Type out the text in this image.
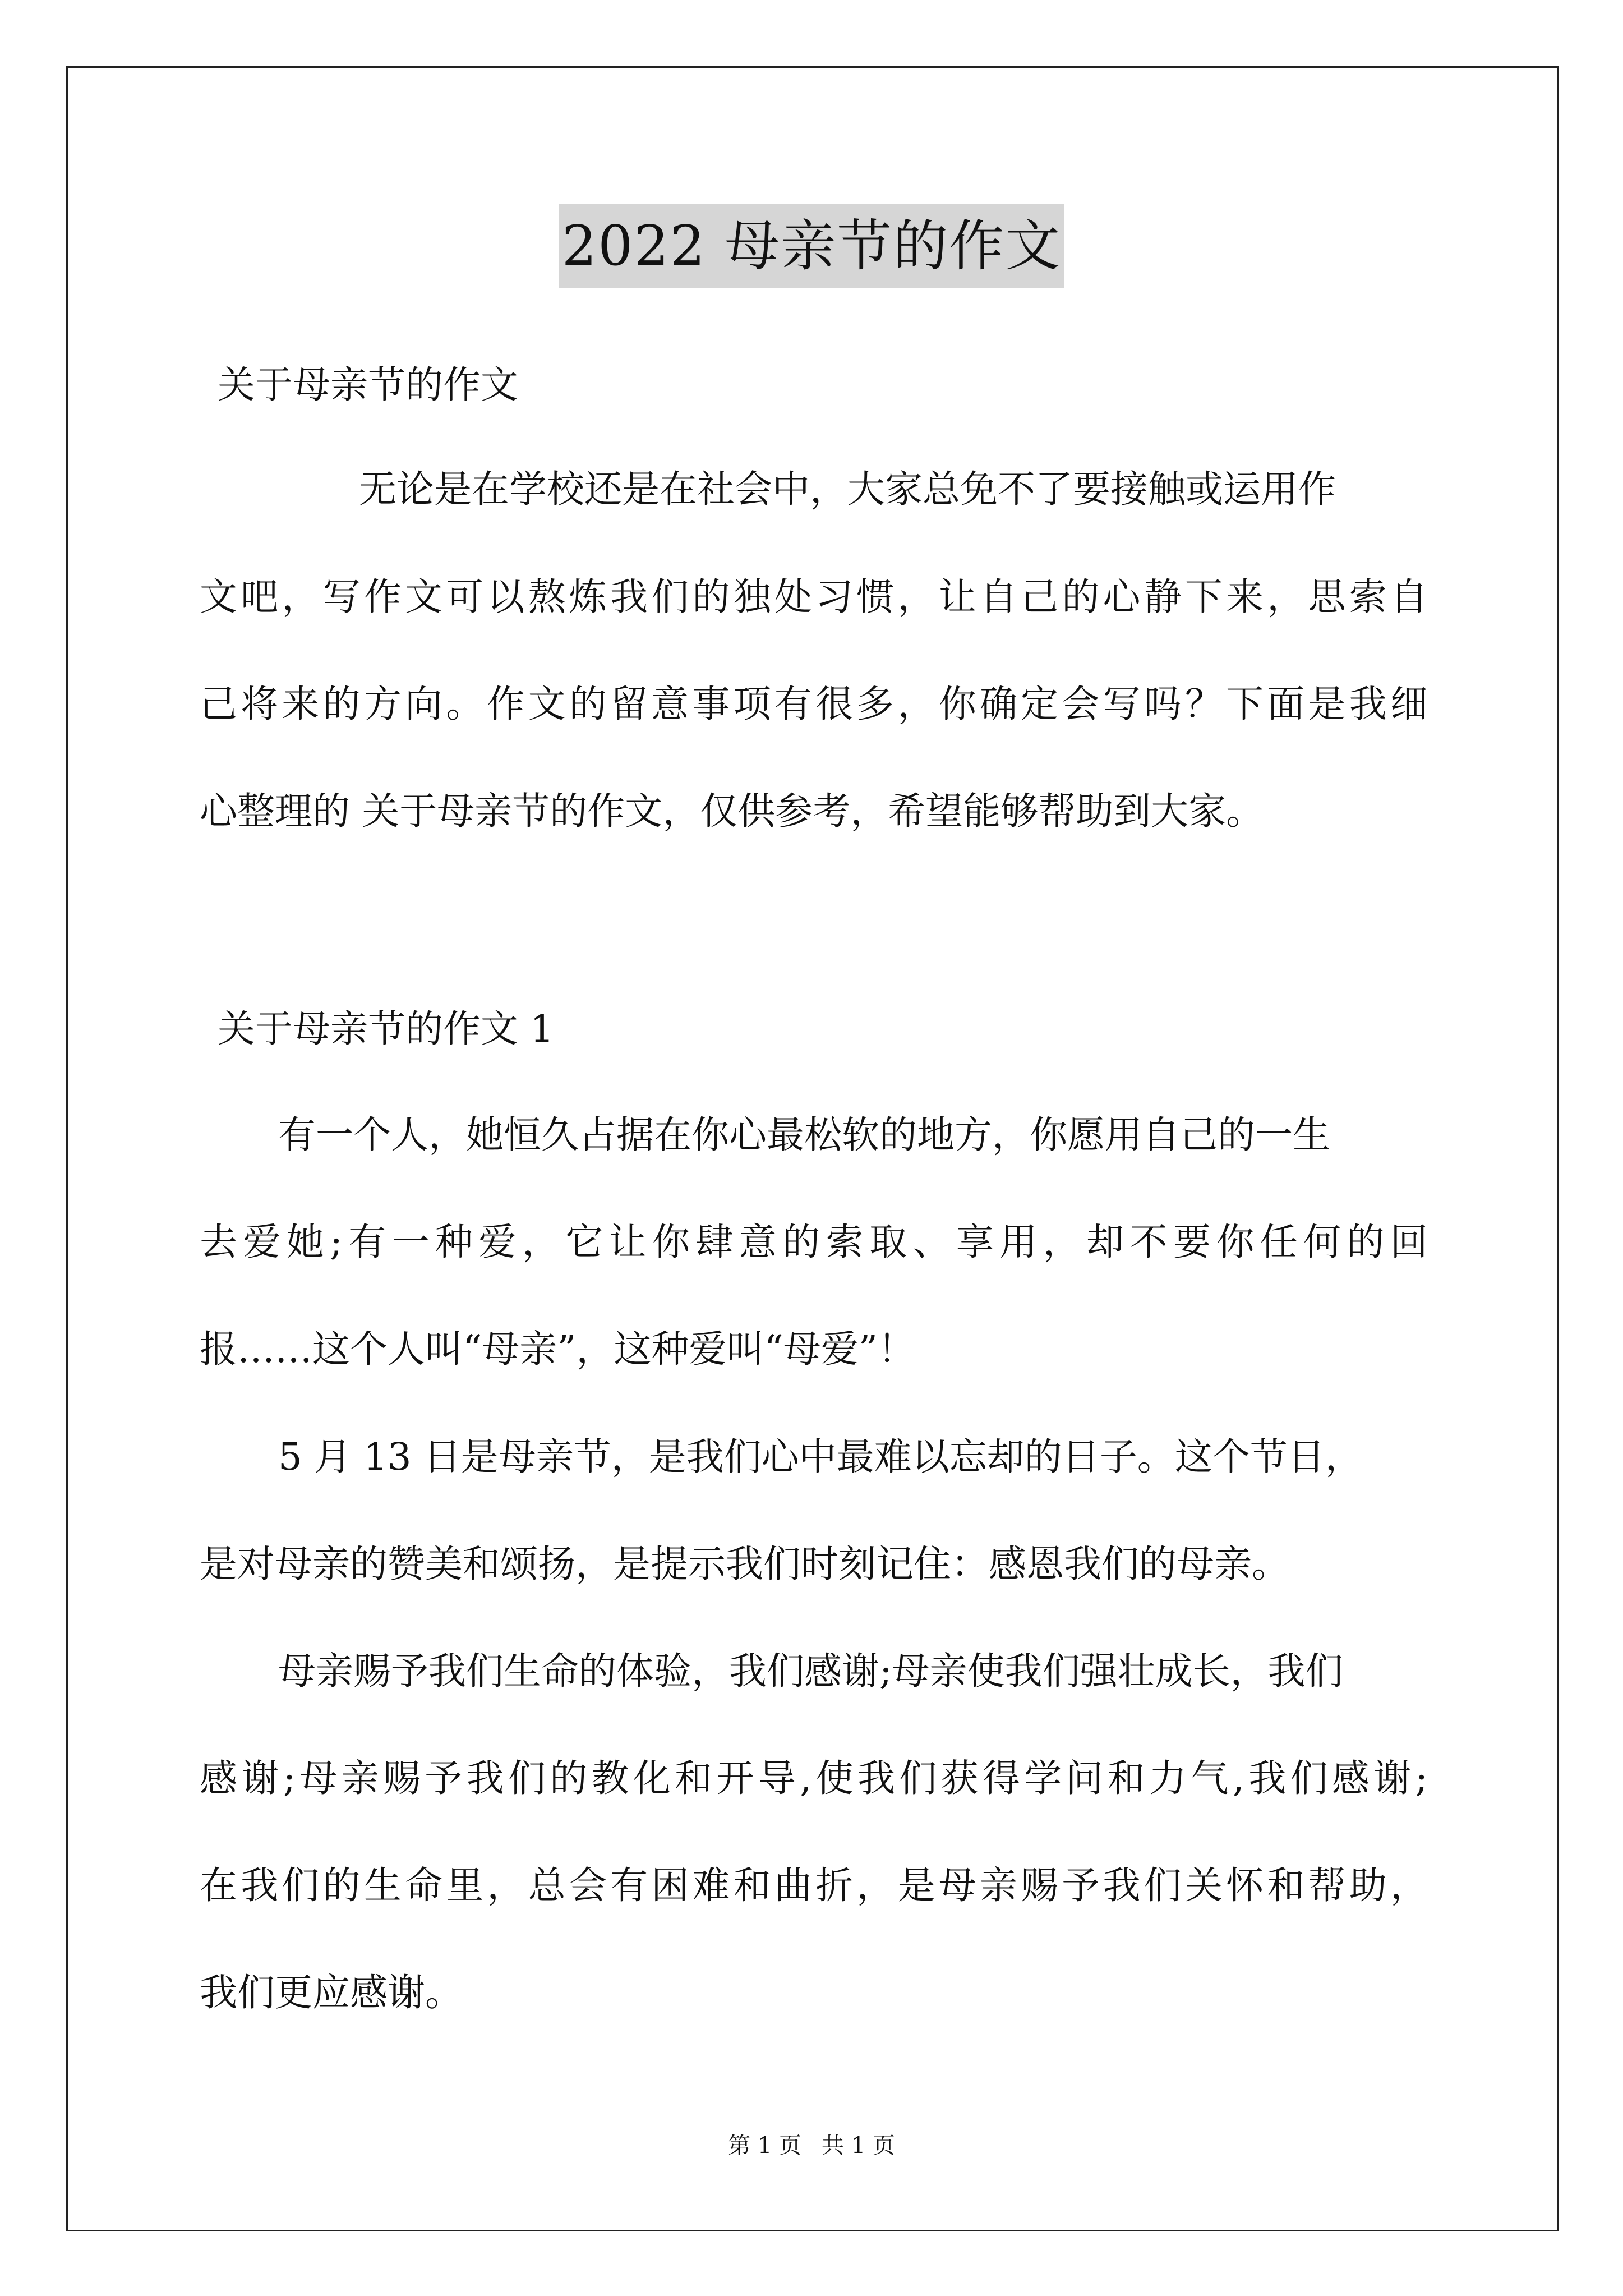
2022 母亲节的作文
关于母亲节的作文
无论是在学校还是在社会中，大家总免不了要接触或运用作
文吧，写作文可以熬炼我们的独处习惯，让自己的心静下来，思索自
己将来的方向。作文的留意事项有很多，你确定会写吗？下面是我细
心整理的 关于母亲节的作文，仅供参考，希望能够帮助到大家。
关于母亲节的作文 1
有一个人，她恒久占据在你心最松软的地方，你愿用自己的一生
去爱她;有一种爱，它让你肆意的索取、享用，却不要你任何的回
报……这个人叫“母亲”，这种爱叫“母爱”！
5 月 13 日是母亲节，是我们心中最难以忘却的日子。这个节日，
是对母亲的赞美和颂扬，是提示我们时刻记住：感恩我们的母亲。
母亲赐予我们生命的体验，我们感谢;母亲使我们强壮成长，我们
感谢;母亲赐予我们的教化和开导,使我们获得学问和力气,我们感谢;
在我们的生命里，总会有困难和曲折，是母亲赐予我们关怀和帮助，
我们更应感谢。
第 1 页 共 1 页
